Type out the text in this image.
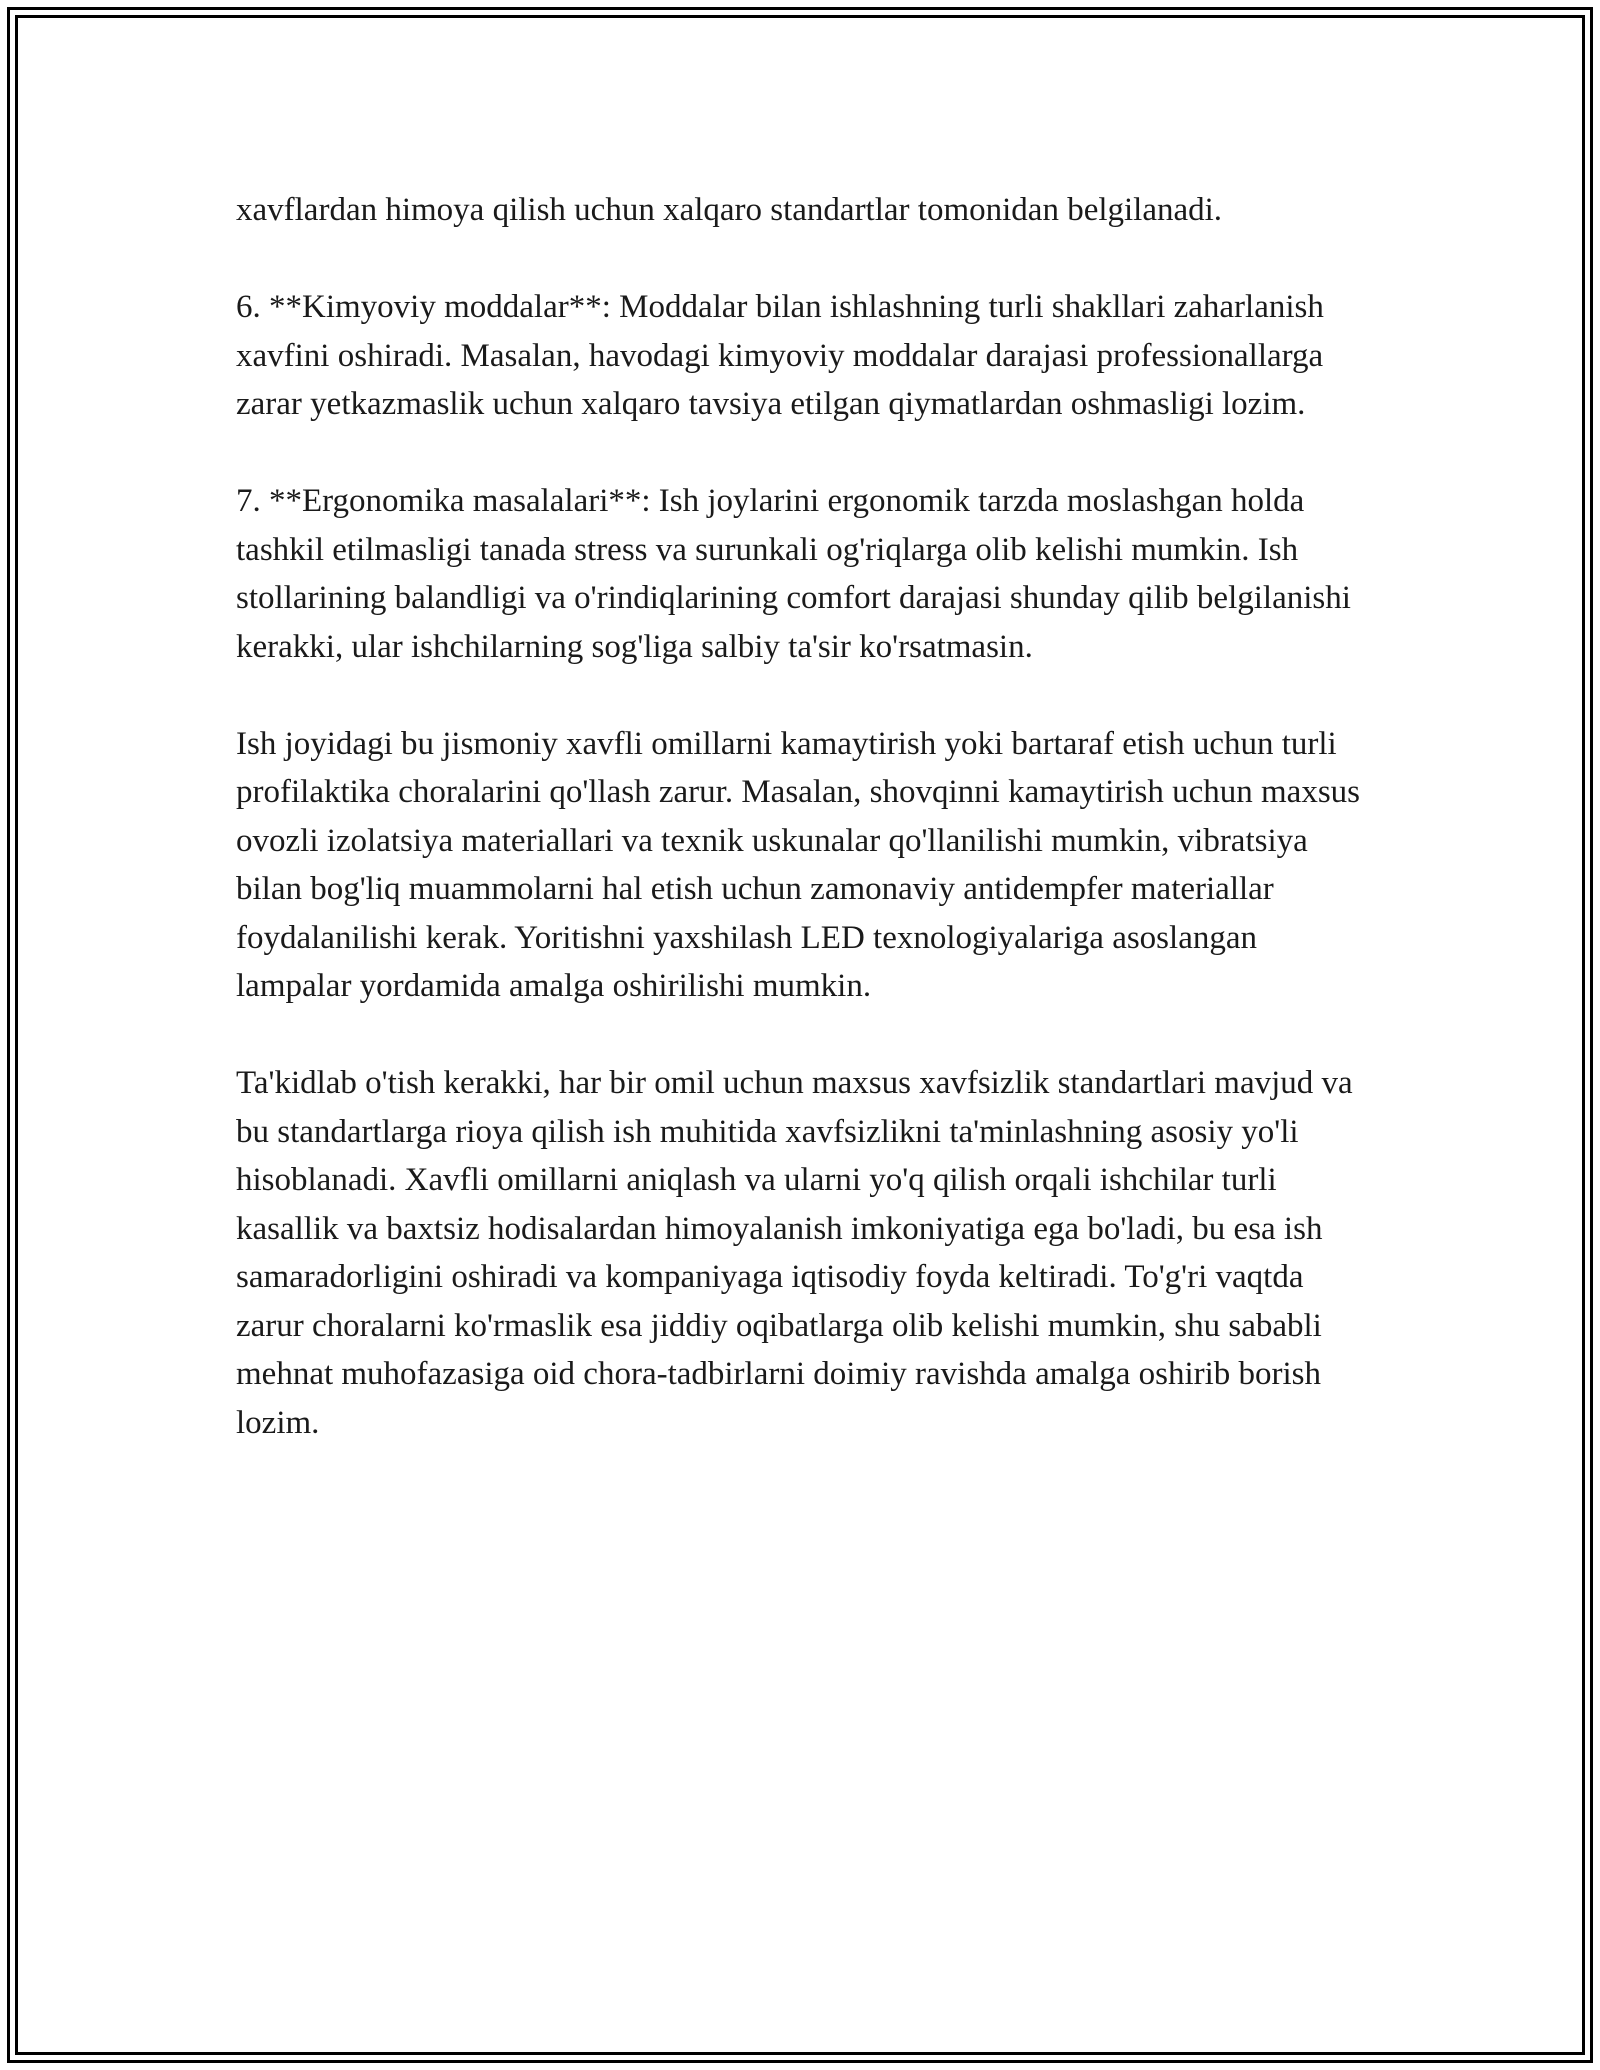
xavflardan himoya qilish uchun xalqaro standartlar tomonidan belgilanadi.

6. **Kimyoviy moddalar**: Moddalar bilan ishlashning turli shakllari zaharlanish xavfini oshiradi. Masalan, havodagi kimyoviy moddalar darajasi professionallarga zarar yetkazmaslik uchun xalqaro tavsiya etilgan qiymatlardan oshmasligi lozim.

7. **Ergonomika masalalari**: Ish joylarini ergonomik tarzda moslashgan holda tashkil etilmasligi tanada stress va surunkali og'riqlarga olib kelishi mumkin. Ish stollarining balandligi va o'rindiqlarining comfort darajasi shunday qilib belgilanishi kerakki, ular ishchilarning sog'liga salbiy ta'sir ko'rsatmasin.

Ish joyidagi bu jismoniy xavfli omillarni kamaytirish yoki bartaraf etish uchun turli profilaktika choralarini qo'llash zarur. Masalan, shovqinni kamaytirish uchun maxsus ovozli izolatsiya materiallari va texnik uskunalar qo'llanilishi mumkin, vibratsiya bilan bog'liq muammolarni hal etish uchun zamonaviy antidempfer materiallar foydalanilishi kerak. Yoritishni yaxshilash LED texnologiyalariga asoslangan lampalar yordamida amalga oshirilishi mumkin.

Ta'kidlab o'tish kerakki, har bir omil uchun maxsus xavfsizlik standartlari mavjud va bu standartlarga rioya qilish ish muhitida xavfsizlikni ta'minlashning asosiy yo'li hisoblanadi. Xavfli omillarni aniqlash va ularni yo'q qilish orqali ishchilar turli kasallik va baxtsiz hodisalardan himoyalanish imkoniyatiga ega bo'ladi, bu esa ish samaradorligini oshiradi va kompaniyaga iqtisodiy foyda keltiradi. To'g'ri vaqtda zarur choralarni ko'rmaslik esa jiddiy oqibatlarga olib kelishi mumkin, shu sababli mehnat muhofazasiga oid chora-tadbirlarni doimiy ravishda amalga oshirib borish lozim.
